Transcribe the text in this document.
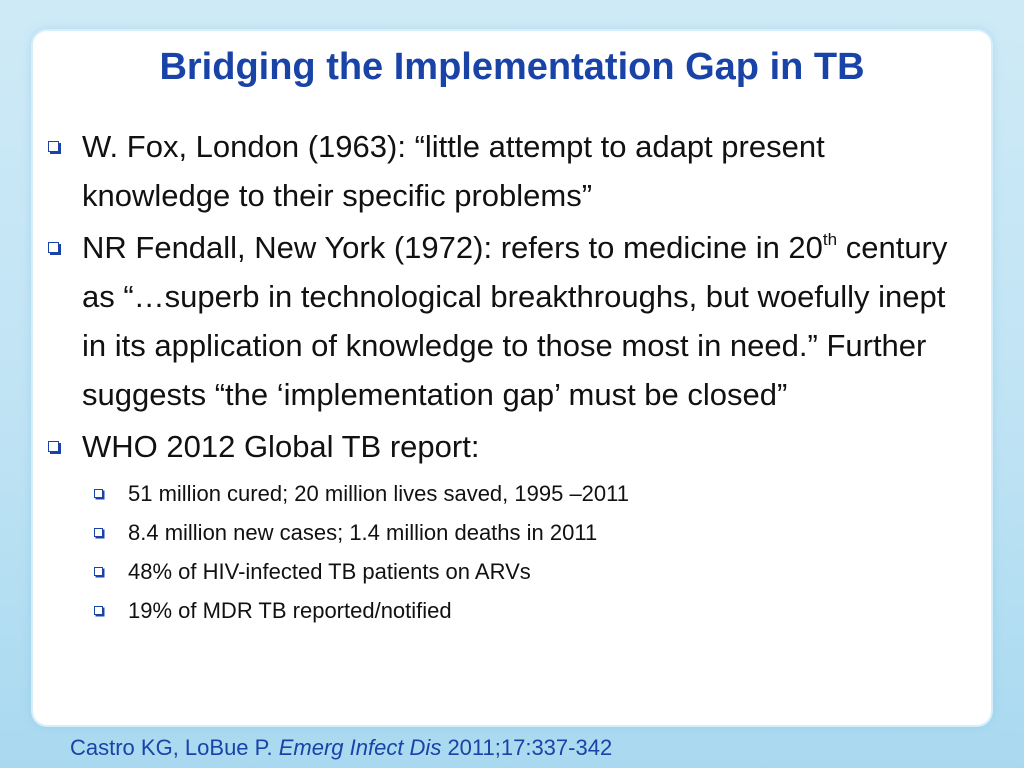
Bridging the Implementation Gap in TB
W. Fox, London (1963): “little attempt to adapt present knowledge to their specific problems”
NR Fendall, New York (1972): refers to medicine in 20th century as “…superb in technological breakthroughs, but woefully inept in its application of knowledge to those most in need.” Further suggests “the ‘implementation gap’ must be closed”
WHO 2012 Global TB report:
51 million cured; 20 million lives saved, 1995 –2011
8.4 million new cases; 1.4 million deaths in 2011
48% of HIV-infected TB patients on ARVs
19% of MDR TB reported/notified
Castro KG, LoBue P. Emerg Infect Dis 2011;17:337-342
